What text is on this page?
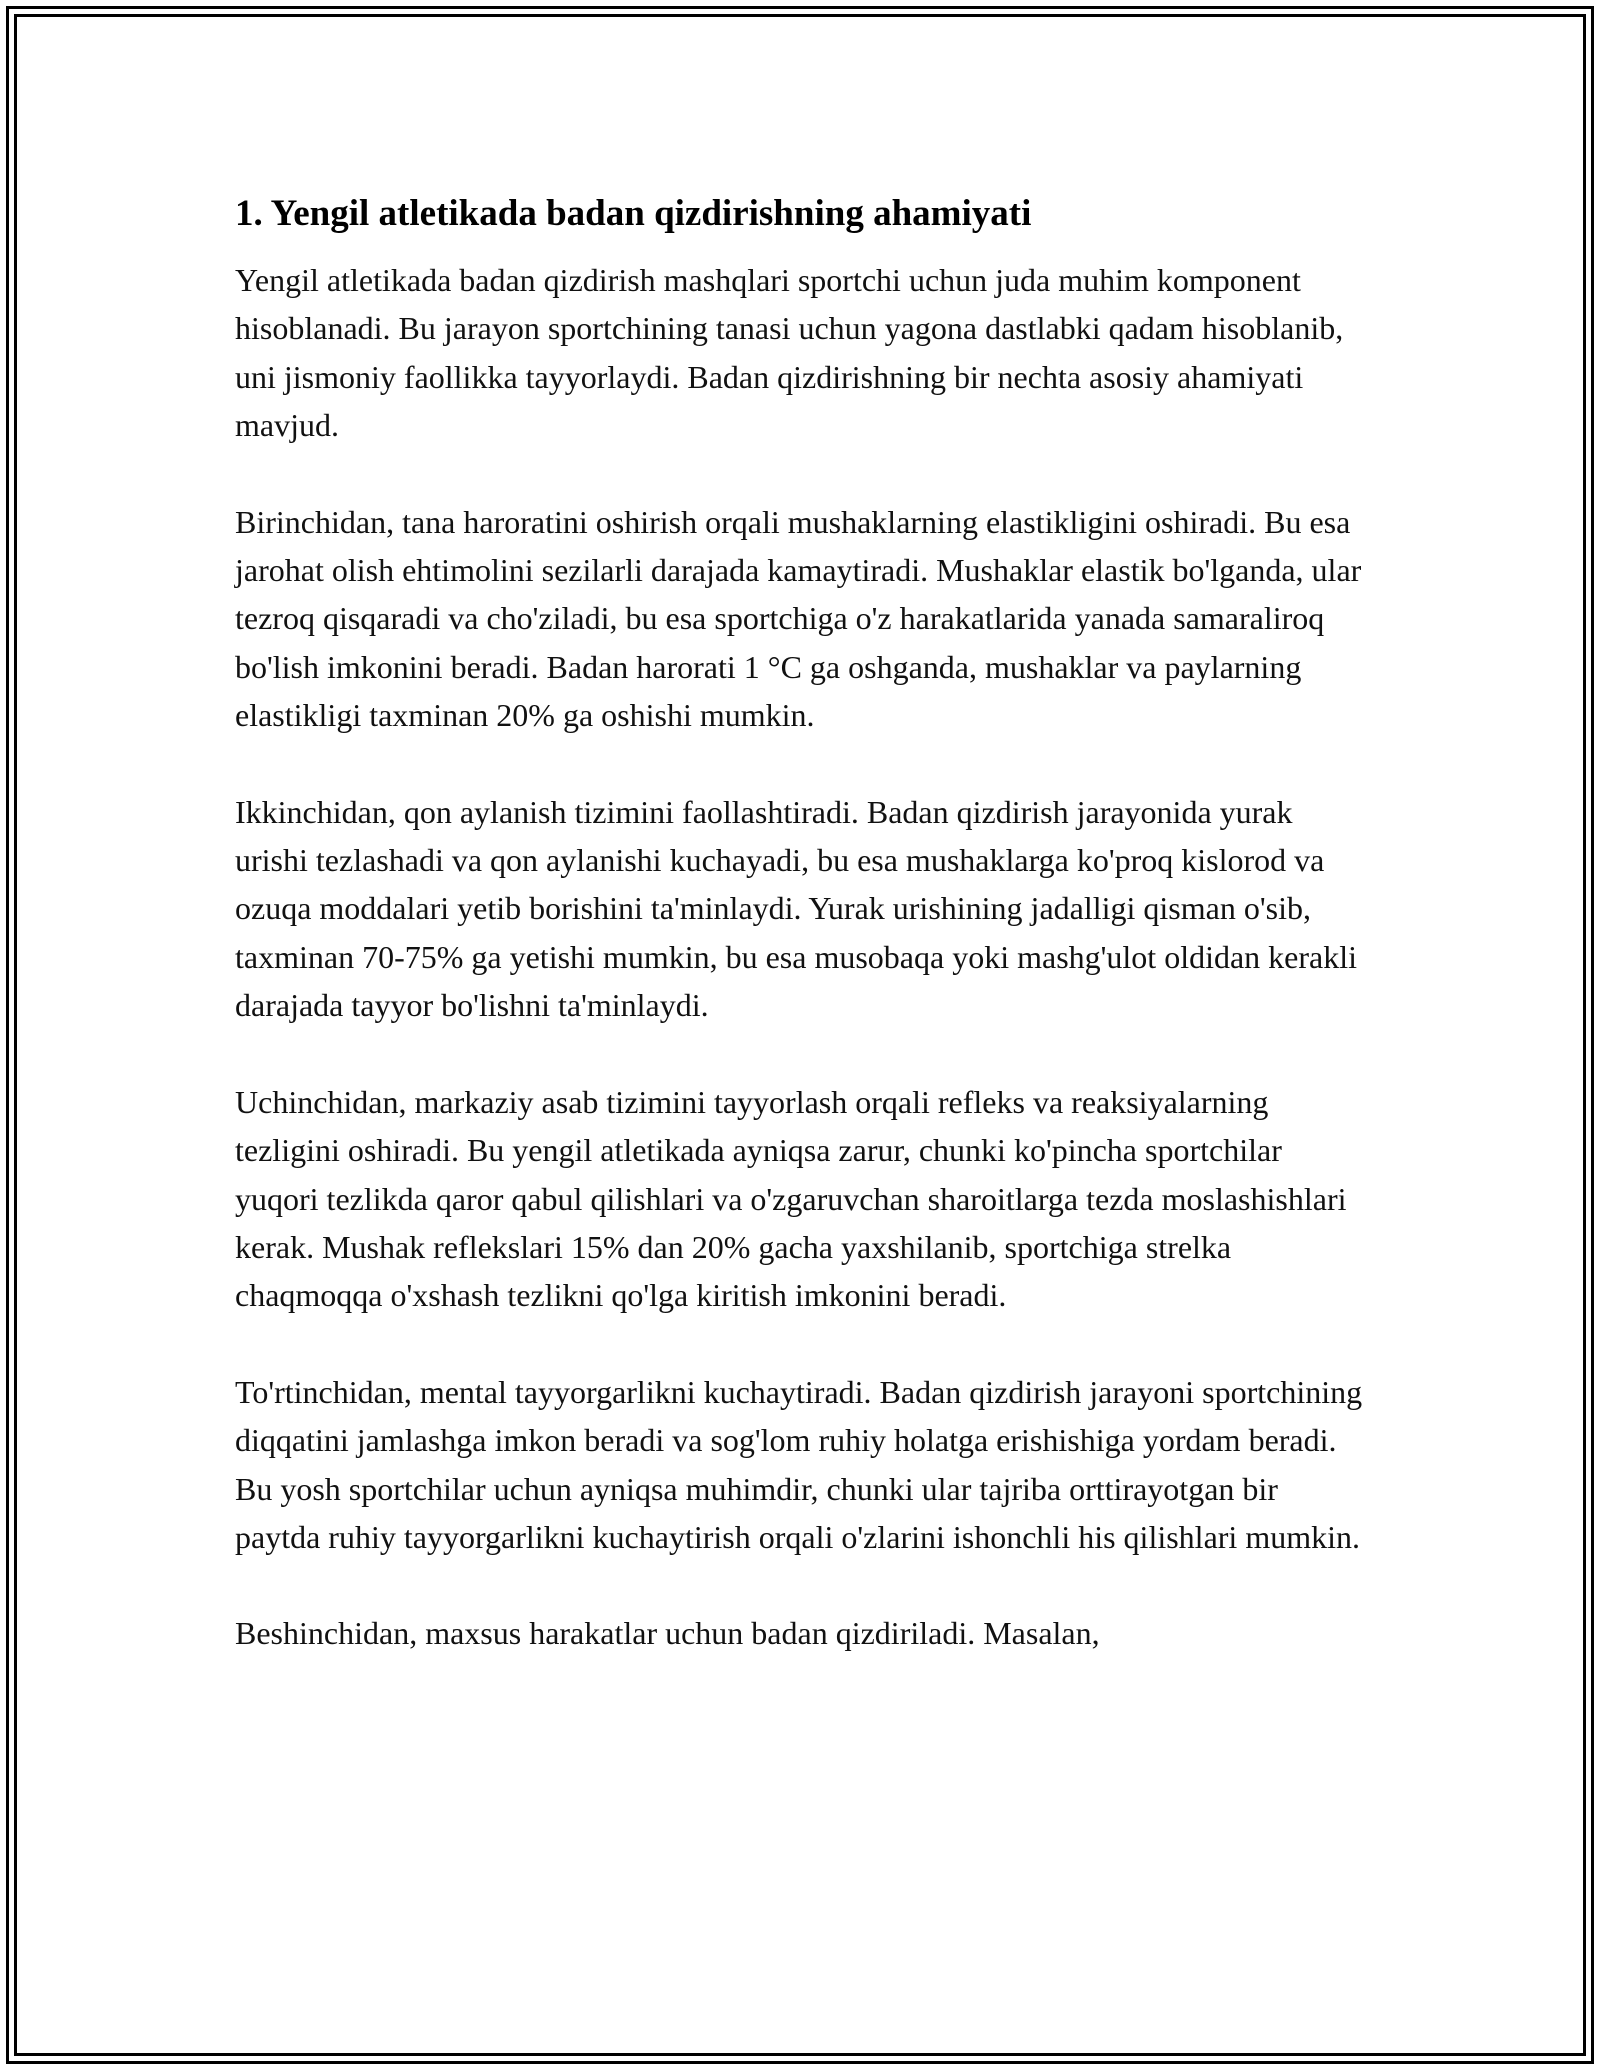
1. Yengil atletikada badan qizdirishning ahamiyati

Yengil atletikada badan qizdirish mashqlari sportchi uchun juda muhim komponent hisoblanadi. Bu jarayon sportchining tanasi uchun yagona dastlabki qadam hisoblanib, uni jismoniy faollikka tayyorlaydi. Badan qizdirishning bir nechta asosiy ahamiyati mavjud.

Birinchidan, tana haroratini oshirish orqali mushaklarning elastikligini oshiradi. Bu esa jarohat olish ehtimolini sezilarli darajada kamaytiradi. Mushaklar elastik bo'lganda, ular tezroq qisqaradi va cho'ziladi, bu esa sportchiga o'z harakatlarida yanada samaraliroq bo'lish imkonini beradi. Badan harorati 1 °C ga oshganda, mushaklar va paylarning elastikligi taxminan 20% ga oshishi mumkin.

Ikkinchidan, qon aylanish tizimini faollashtiradi. Badan qizdirish jarayonida yurak urishi tezlashadi va qon aylanishi kuchayadi, bu esa mushaklarga ko'proq kislorod va ozuqa moddalari yetib borishini ta'minlaydi. Yurak urishining jadalligi qisman o'sib, taxminan 70-75% ga yetishi mumkin, bu esa musobaqa yoki mashg'ulot oldidan kerakli darajada tayyor bo'lishni ta'minlaydi.

Uchinchidan, markaziy asab tizimini tayyorlash orqali refleks va reaksiyalarning tezligini oshiradi. Bu yengil atletikada ayniqsa zarur, chunki ko'pincha sportchilar yuqori tezlikda qaror qabul qilishlari va o'zgaruvchan sharoitlarga tezda moslashishlari kerak. Mushak reflekslari 15% dan 20% gacha yaxshilanib, sportchiga strelka chaqmoqqa o'xshash tezlikni qo'lga kiritish imkonini beradi.

To'rtinchidan, mental tayyorgarlikni kuchaytiradi. Badan qizdirish jarayoni sportchining diqqatini jamlashga imkon beradi va sog'lom ruhiy holatga erishishiga yordam beradi. Bu yosh sportchilar uchun ayniqsa muhimdir, chunki ular tajriba orttirayotgan bir paytda ruhiy tayyorgarlikni kuchaytirish orqali o'zlarini ishonchli his qilishlari mumkin.

Beshinchidan, maxsus harakatlar uchun badan qizdiriladi. Masalan,
